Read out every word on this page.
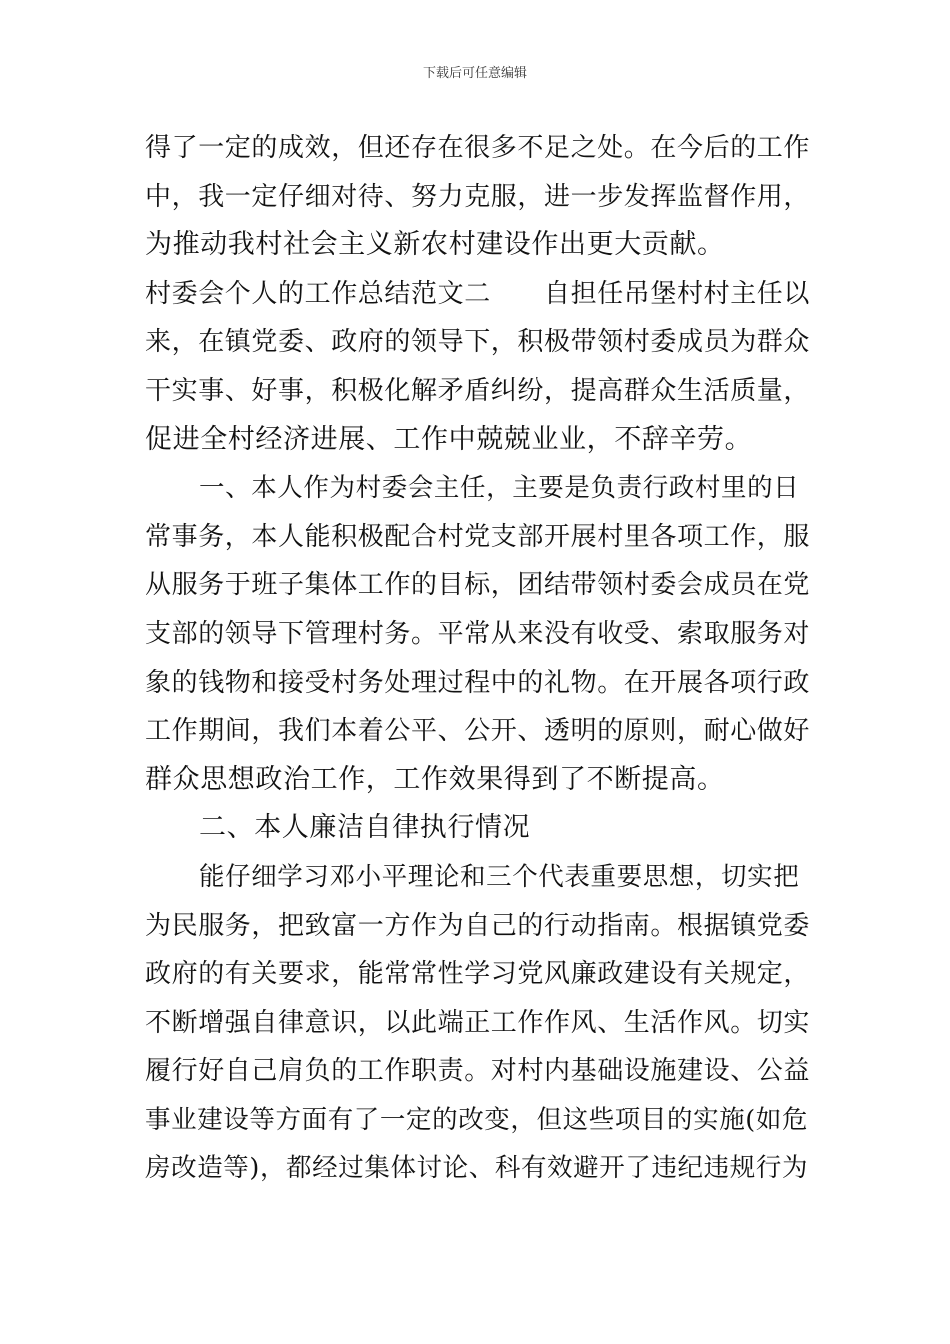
下载后可任意编辑
得了一定的成效，但还存在很多不足之处。在今后的工作
中，我一定仔细对待、努力克服，进一步发挥监督作用，
为推动我村社会主义新农村建设作出更大贡献。
村委会个人的工作总结范文二　　自担任吊堡村村主任以
来，在镇党委、政府的领导下，积极带领村委成员为群众
干实事、好事，积极化解矛盾纠纷，提高群众生活质量，
促进全村经济进展、工作中兢兢业业，不辞辛劳。
一、本人作为村委会主任，主要是负责行政村里的日
常事务，本人能积极配合村党支部开展村里各项工作，服
从服务于班子集体工作的目标，团结带领村委会成员在党
支部的领导下管理村务。平常从来没有收受、索取服务对
象的钱物和接受村务处理过程中的礼物。在开展各项行政
工作期间，我们本着公平、公开、透明的原则，耐心做好
群众思想政治工作，工作效果得到了不断提高。
二、本人廉洁自律执行情况
能仔细学习邓小平理论和三个代表重要思想，切实把
为民服务，把致富一方作为自己的行动指南。根据镇党委
政府的有关要求，能常常性学习党风廉政建设有关规定，
不断增强自律意识，以此端正工作作风、生活作风。切实
履行好自己肩负的工作职责。对村内基础设施建设、公益
事业建设等方面有了一定的改变，但这些项目的实施(如危
房改造等)，都经过集体讨论、科有效避开了违纪违规行为
